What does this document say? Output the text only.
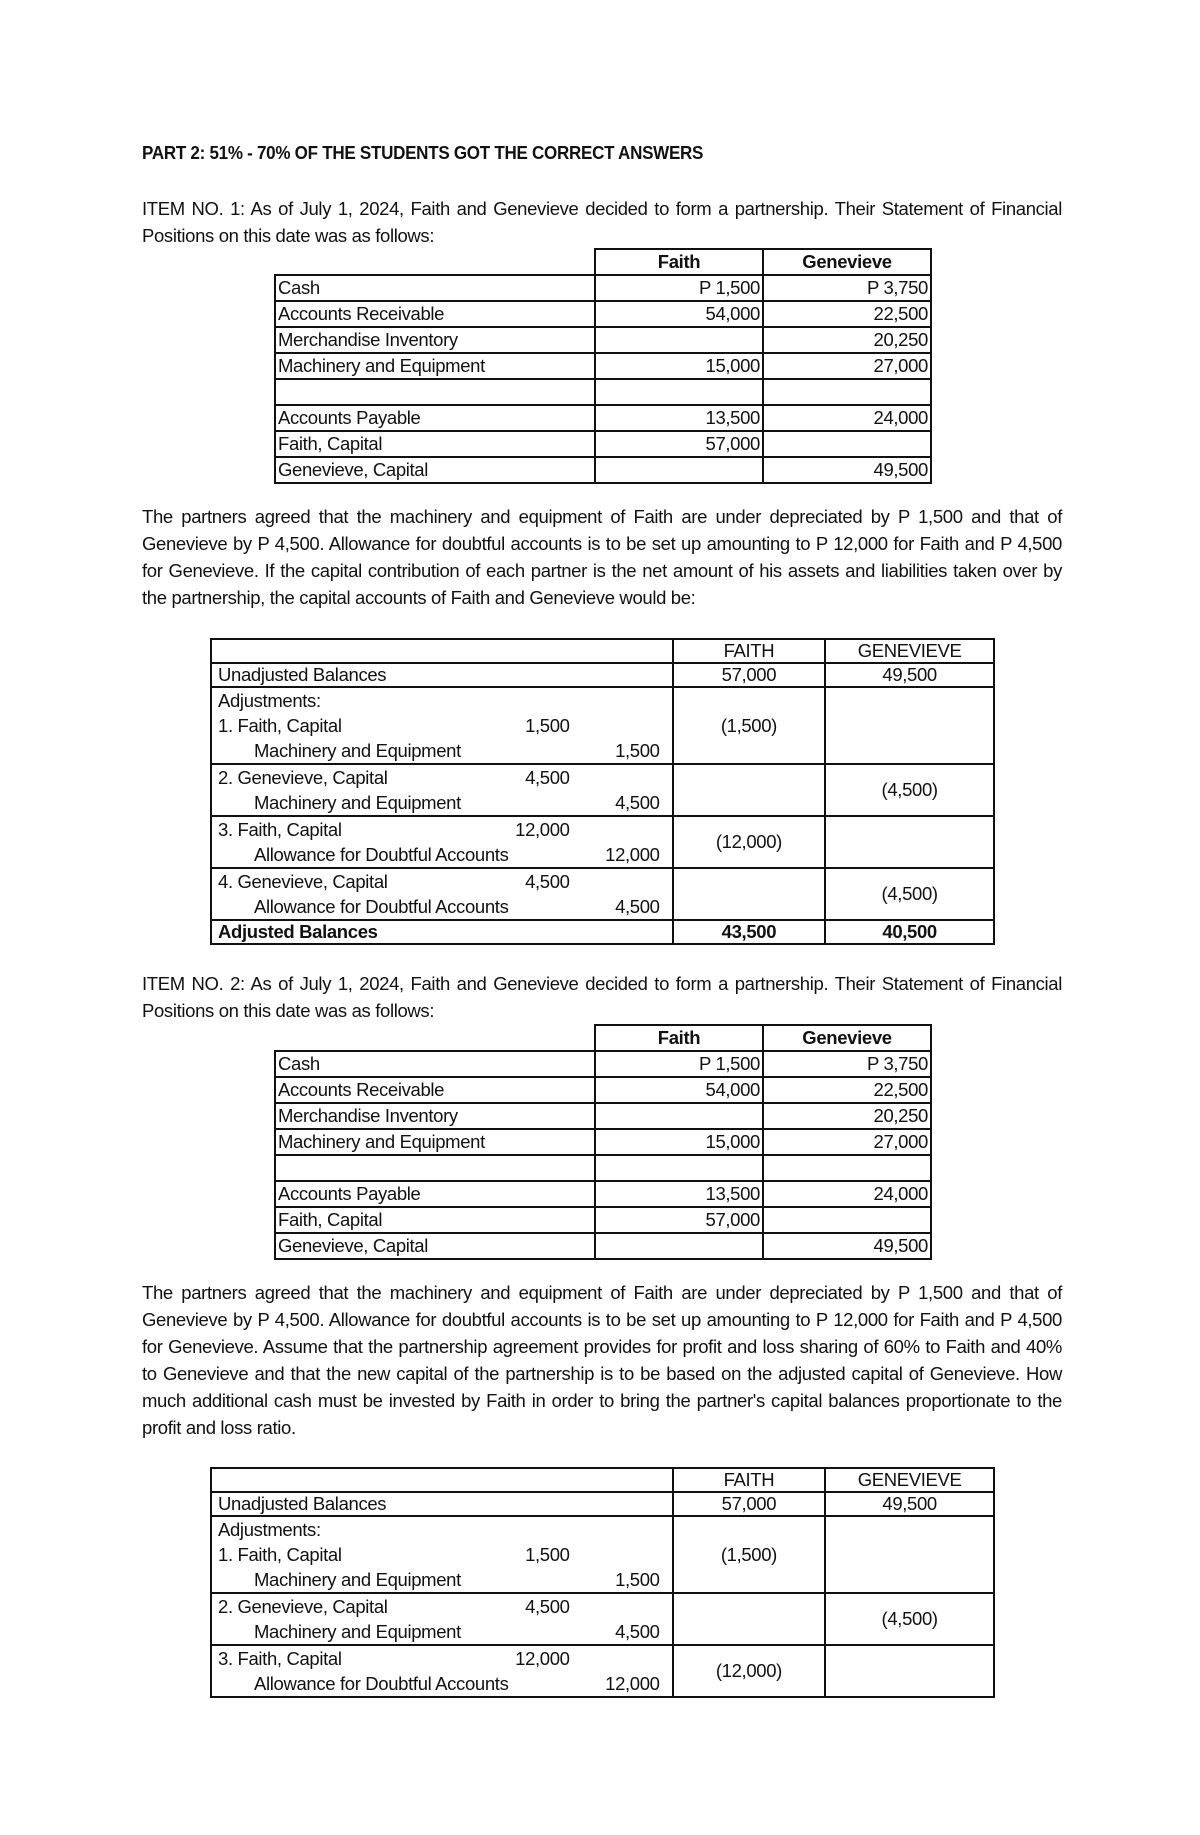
PART 2: 51% - 70% OF THE STUDENTS GOT THE CORRECT ANSWERS

ITEM NO. 1: As of July 1, 2024, Faith and Genevieve decided to form a partnership. Their Statement of Financial Positions on this date was as follows:

	Faith	Genevieve
Cash	P 1,500	P 3,750
Accounts Receivable	54,000	22,500
Merchandise Inventory		20,250
Machinery and Equipment	15,000	27,000

Accounts Payable	13,500	24,000
Faith, Capital	57,000	
Genevieve, Capital		49,500

The partners agreed that the machinery and equipment of Faith are under depreciated by P 1,500 and that of Genevieve by P 4,500. Allowance for doubtful accounts is to be set up amounting to P 12,000 for Faith and P 4,500 for Genevieve. If the capital contribution of each partner is the net amount of his assets and liabilities taken over by the partnership, the capital accounts of Faith and Genevieve would be:

	FAITH	GENEVIEVE
Unadjusted Balances	57,000	49,500

Adjustments:
1. Faith, Capital 1,500
Machinery and Equipment 1,500	(1,500)	

2. Genevieve, Capital 4,500
Machinery and Equipment 4,500		(4,500)

3. Faith, Capital 12,000
Allowance for Doubtful Accounts 12,000	(12,000)	

4. Genevieve, Capital 4,500
Allowance for Doubtful Accounts 4,500		(4,500)
Adjusted Balances	43,500	40,500

ITEM NO. 2: As of July 1, 2024, Faith and Genevieve decided to form a partnership. Their Statement of Financial Positions on this date was as follows:

	Faith	Genevieve
Cash	P 1,500	P 3,750
Accounts Receivable	54,000	22,500
Merchandise Inventory		20,250
Machinery and Equipment	15,000	27,000

Accounts Payable	13,500	24,000
Faith, Capital	57,000	
Genevieve, Capital		49,500

The partners agreed that the machinery and equipment of Faith are under depreciated by P 1,500 and that of Genevieve by P 4,500. Allowance for doubtful accounts is to be set up amounting to P 12,000 for Faith and P 4,500 for Genevieve. Assume that the partnership agreement provides for profit and loss sharing of 60% to Faith and 40% to Genevieve and that the new capital of the partnership is to be based on the adjusted capital of Genevieve. How much additional cash must be invested by Faith in order to bring the partner's capital balances proportionate to the profit and loss ratio.

	FAITH	GENEVIEVE
Unadjusted Balances	57,000	49,500

Adjustments:
1. Faith, Capital 1,500
Machinery and Equipment 1,500	(1,500)	

2. Genevieve, Capital 4,500
Machinery and Equipment 4,500		(4,500)

3. Faith, Capital 12,000
Allowance for Doubtful Accounts 12,000	(12,000)	
